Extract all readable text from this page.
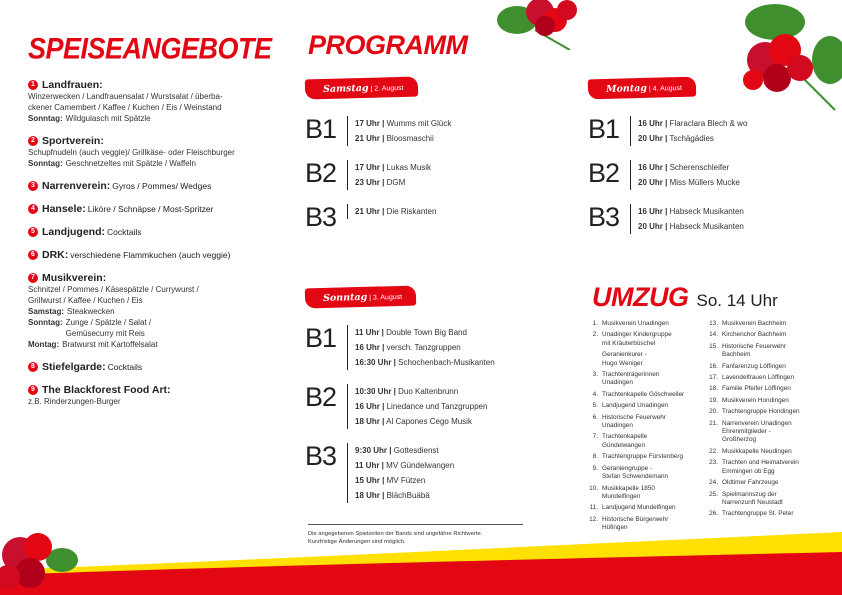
SPEISEANGEBOTE
1 Landfrauen:
Winzerwecken / Landfrauensalat / Wurstsalat / überba-
ckener Camembert / Kaffee / Kuchen / Eis / Weinstand
Sonntag: Wildgulasch mit Spätzle
2 Sportverein:
Schupfnudeln (auch veggie)/ Grillkäse- oder Fleischburger
Sonntag: Geschnetzeltes mit Spätzle / Waffeln
3 Narrenverein: Gyros / Pommes/ Wedges
4 Hansele: Liköre / Schnäpse / Most-Spritzer
5 Landjugend: Cocktails
6 DRK: verschiedene Flammkuchen (auch veggie)
7 Musikverein:
Schnitzel / Pommes / Käsespätzle / Currywurst /
Grillwurst / Kaffee / Kuchen / Eis
Samstag: Steakwecken
Sonntag: Zunge / Spätzle / Salat /
Gemüsecurry mit Reis
Montag: Bratwurst mit Kartoffelsalat
8 Stiefelgarde: Cocktails
9 The Blackforest Food Art:
z.B. Rinderzungen-Burger
PROGRAMM
Samstag | 2. August
B1	17 Uhr | Wumms mit Glück
21 Uhr | Bloosmaschii
B2	17 Uhr | Lukas Musik
23 Uhr | DGM
B3	21 Uhr | Die Riskanten
Sonntag | 3. August
B1	11 Uhr | Double Town Big Band
16 Uhr | versch. Tanzgruppen
16:30 Uhr | Schochenbach-Musikanten
B2	10:30 Uhr | Duo Kaltenbrunn
16 Uhr | Linedance und Tanzgruppen
18 Uhr | Al Capones Cego Musik
B3	9:30 Uhr | Gottesdienst
11 Uhr | MV Gündelwangen
15 Uhr | MV Fützen
18 Uhr | BlächBuäbä
Montag | 4. August
B1	16 Uhr | Flaraclara Blech & wo
20 Uhr | Tschägädies
B2	16 Uhr | Scherenschleifer
20 Uhr | Miss Müllers Mucke
B3	16 Uhr | Habseck Musikanten
20 Uhr | Habseck Musikanten
Die angegebenen Spielzeiten der Bands sind ungefähre Richtwerte.
Kurzfristige Änderungen sind möglich.
UMZUG So. 14 Uhr
1. Musikverein Unadingen
2. Unadinger Kindergruppe
mit Kräuterbüschel
Geranienkurer -
Hugo Weniger
3. Trachtenträgerinnen
Unadingen
4. Trachtenkapelle Göschweiler
5. Landjugend Unadingen
6. Historische Feuerwehr
Unadingen
7. Trachtenkapelle
Gündelwangen
8. Trachtengruppe Fürstenberg
9. Geraniengruppe -
Stefan Schwendemann
10. Musikkapelle 1850
Mundelfingen
11. Landjugend Mundelfingen
12. Historische Bürgerwehr
Hüfingen
13. Musikverein Bachheim
14. Kirchenchor Bachheim
15. Historische Feuerwehr
Bachheim
16. Fanfarenzug Löffingen
17. Lavendelfrauen Löffingen
18. Familie Pfeifer Löffingen
19. Musikverein Hondingen
20. Trachtengruppe Hondingen
21. Narrenverein Unadingen
Ehrenmitglieder -
Großherzog
22. Musikkapelle Neudingen
23. Trachten und Heimatverein
Emmingen ob Egg
24. Oldtimer Fahrzeuge
25. Spielmannszug der
Narrenzunft Neustadt
26. Trachtengruppe St. Peter
